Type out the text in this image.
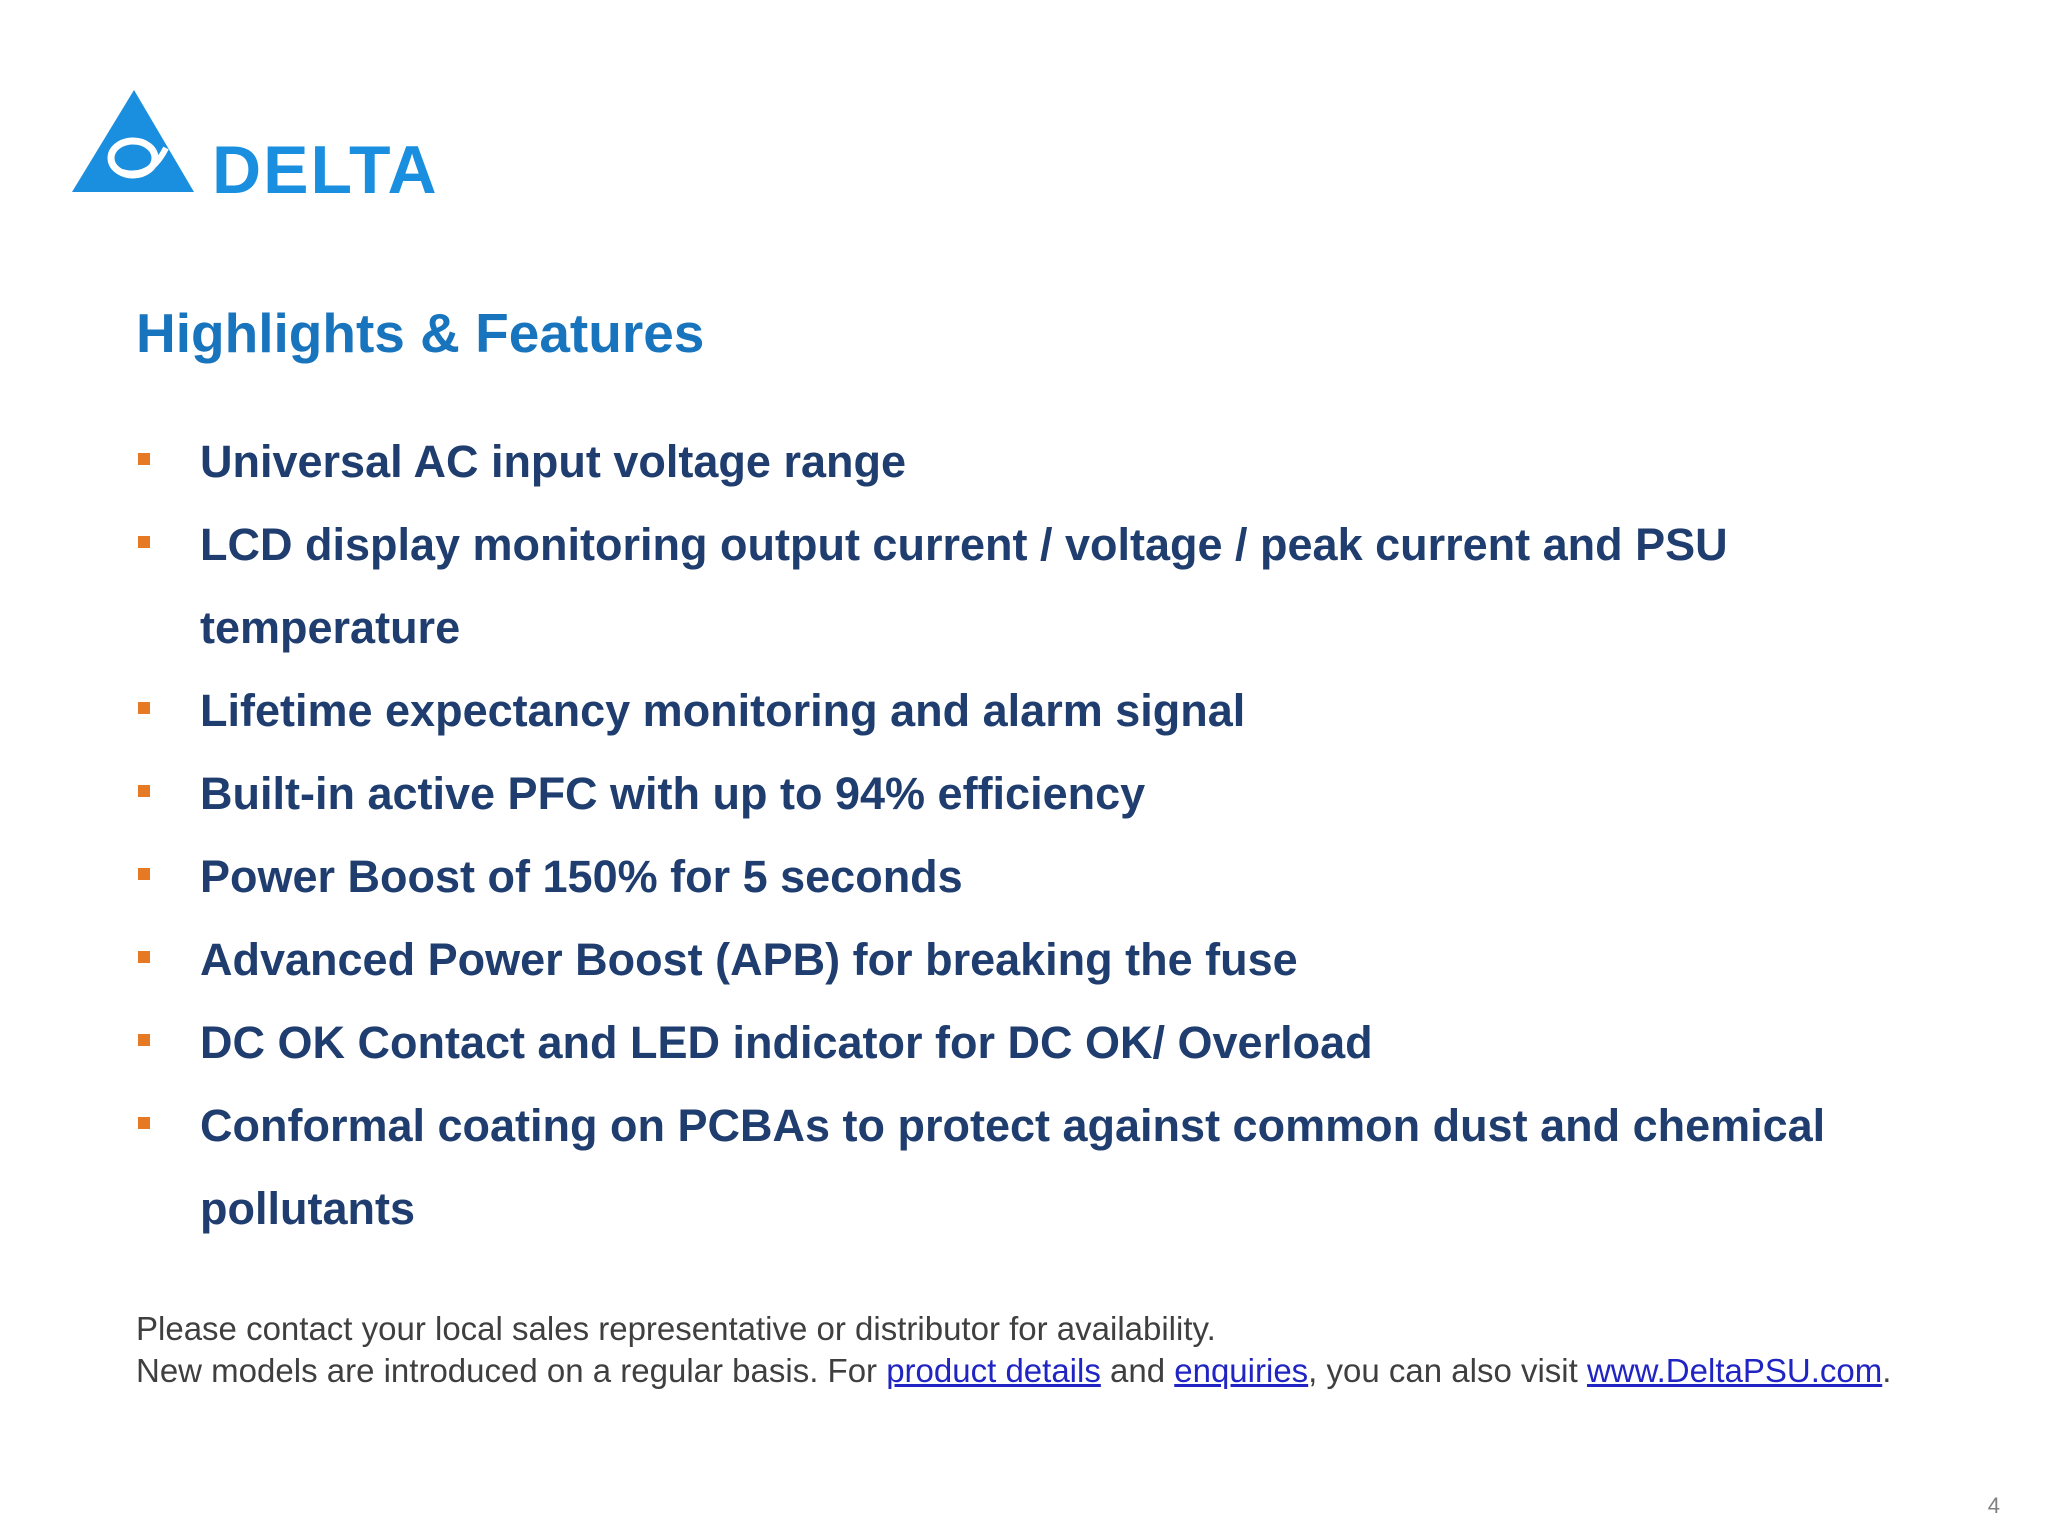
DELTA
Highlights & Features
Universal AC input voltage range
LCD display monitoring output current / voltage / peak current and PSU temperature
Lifetime expectancy monitoring and alarm signal
Built-in active PFC with up to 94% efficiency
Power Boost of 150% for 5 seconds
Advanced Power Boost (APB) for breaking the fuse
DC OK Contact and LED indicator for DC OK/ Overload
Conformal coating on PCBAs to protect against common dust and chemical pollutants

Please contact your local sales representative or distributor for availability.

New models are introduced on a regular basis. For product details and enquiries, you can also visit www.DeltaPSU.com.

4
